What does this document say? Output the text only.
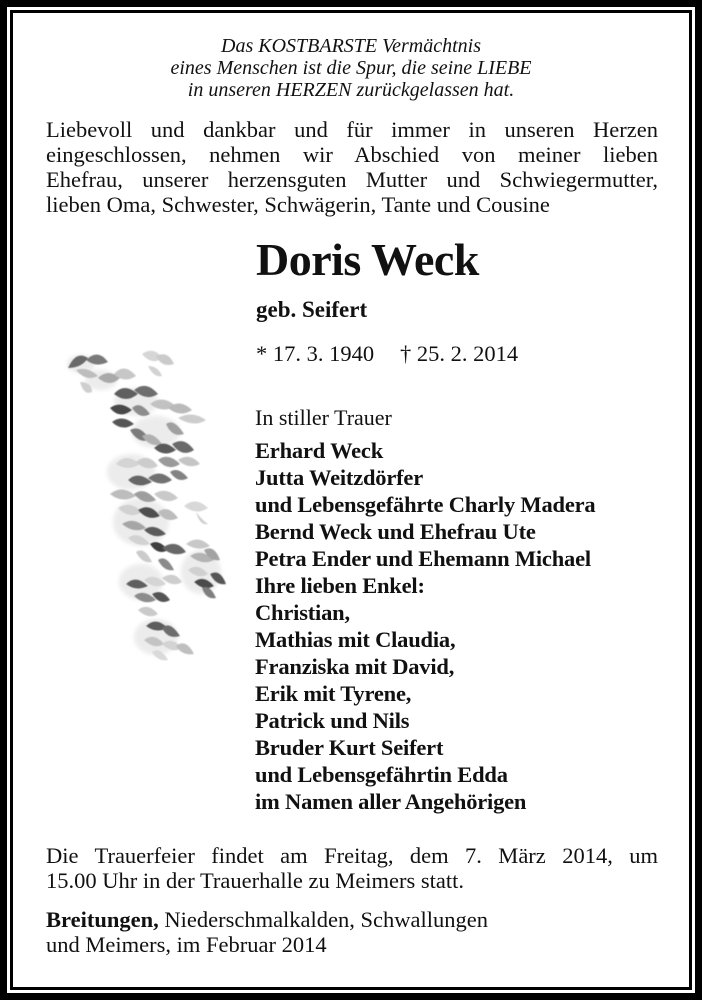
Das KOSTBARSTE Vermächtnis
eines Menschen ist die Spur, die seine LIEBE
in unseren HERZEN zurückgelassen hat.
Liebevoll und dankbar und für immer in unseren Herzen
eingeschlossen, nehmen wir Abschied von meiner lieben
Ehefrau, unserer herzensguten Mutter und Schwiegermutter,
lieben Oma, Schwester, Schwägerin, Tante und Cousine
Doris Weck
geb. Seifert
* 17. 3. 1940 † 25. 2. 2014
In stiller Trauer
Erhard Weck
Jutta Weitzdörfer
und Lebensgefährte Charly Madera
Bernd Weck und Ehefrau Ute
Petra Ender und Ehemann Michael
Ihre lieben Enkel:
Christian,
Mathias mit Claudia,
Franziska mit David,
Erik mit Tyrene,
Patrick und Nils
Bruder Kurt Seifert
und Lebensgefährtin Edda
im Namen aller Angehörigen
Die Trauerfeier findet am Freitag, dem 7. März 2014, um
15.00 Uhr in der Trauerhalle zu Meimers statt.
Breitungen, Niederschmalkalden, Schwallungen
und Meimers, im Februar 2014
